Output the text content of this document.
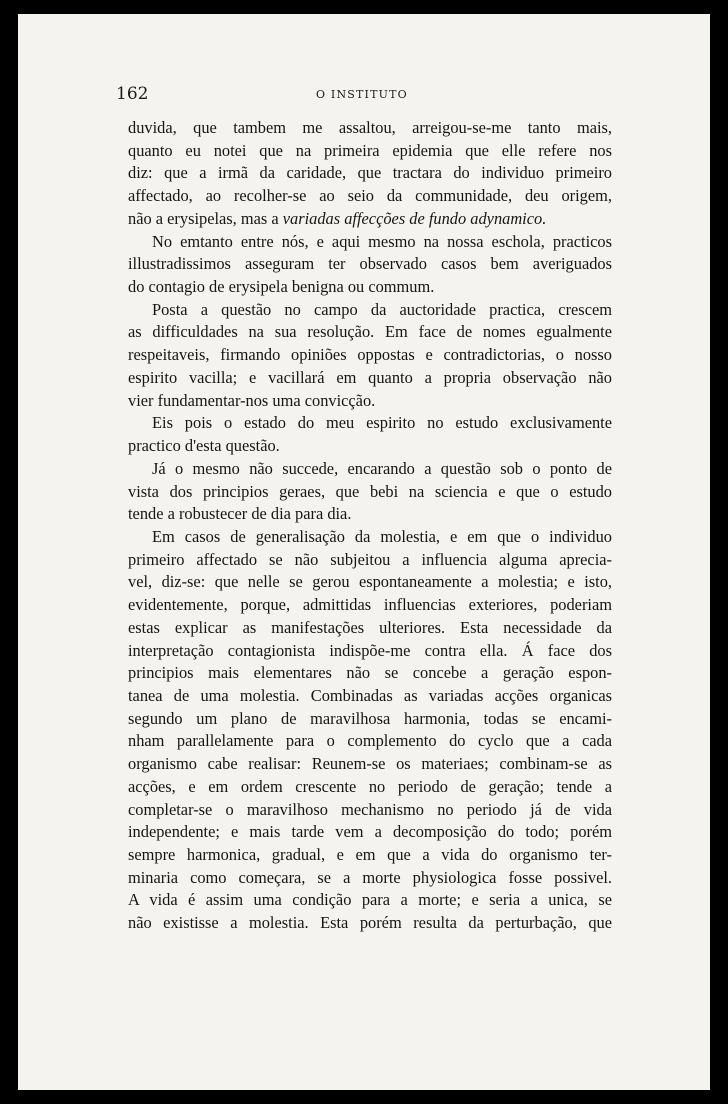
162	O INSTITUTO
duvida, que tambem me assaltou, arreigou-se-me tanto mais,
quanto eu notei que na primeira epidemia que elle refere nos
diz: que a irmã da caridade, que tractara do individuo primeiro
affectado, ao recolher-se ao seio da communidade, deu origem,
não a erysipelas, mas a variadas affecções de fundo adynamico.
No emtanto entre nós, e aqui mesmo na nossa eschola, practicos
illustradissimos asseguram ter observado casos bem averiguados
do contagio de erysipela benigna ou commum.
Posta a questão no campo da auctoridade practica, crescem
as difficuldades na sua resolução. Em face de nomes egualmente
respeitaveis, firmando opiniões oppostas e contradictorias, o nosso
espirito vacilla; e vacillará em quanto a propria observação não
vier fundamentar-nos uma convicção.
Eis pois o estado do meu espirito no estudo exclusivamente
practico d'esta questão.
Já o mesmo não succede, encarando a questão sob o ponto de
vista dos principios geraes, que bebi na sciencia e que o estudo
tende a robustecer de dia para dia.
Em casos de generalisação da molestia, e em que o individuo
primeiro affectado se não subjeitou a influencia alguma aprecia-
vel, diz-se: que nelle se gerou espontaneamente a molestia; e isto,
evidentemente, porque, admittidas influencias exteriores, poderiam
estas explicar as manifestações ulteriores. Esta necessidade da
interpretação contagionista indispõe-me contra ella. Á face dos
principios mais elementares não se concebe a geração espon-
tanea de uma molestia. Combinadas as variadas acções organicas
segundo um plano de maravilhosa harmonia, todas se encami-
nham parallelamente para o complemento do cyclo que a cada
organismo cabe realisar: Reunem-se os materiaes; combinam-se as
acções, e em ordem crescente no periodo de geração; tende a
completar-se o maravilhoso mechanismo no periodo já de vida
independente; e mais tarde vem a decomposição do todo; porém
sempre harmonica, gradual, e em que a vida do organismo ter-
minaria como começara, se a morte physiologica fosse possivel.
A vida é assim uma condição para a morte; e seria a unica, se
não existisse a molestia. Esta porém resulta da perturbação, que
